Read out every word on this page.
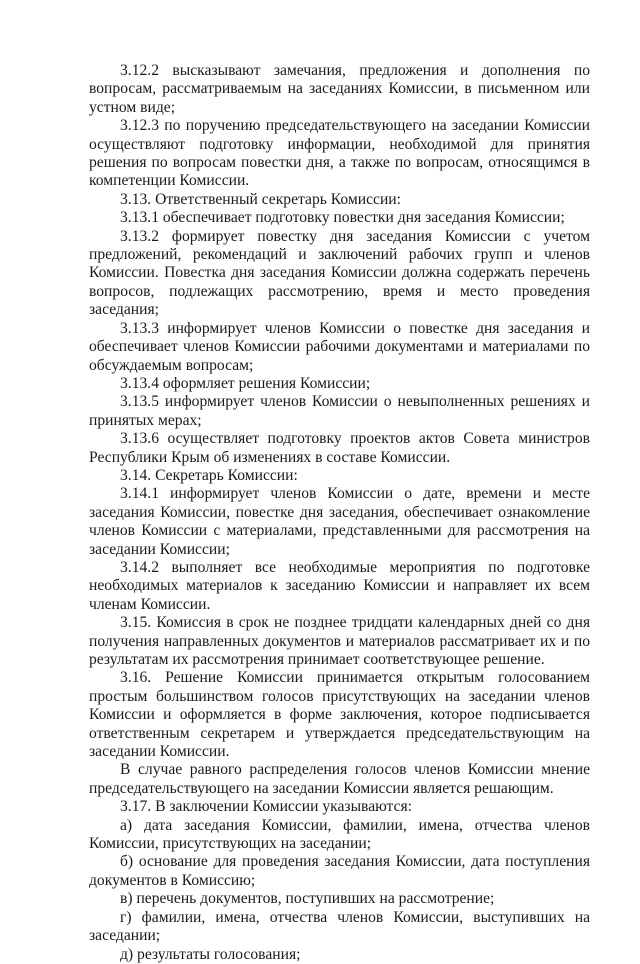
3.12.2 высказывают замечания, предложения и дополнения по вопросам, рассматриваемым на заседаниях Комиссии, в письменном или устном виде;

3.12.3 по поручению председательствующего на заседании Комиссии осуществляют подготовку информации, необходимой для принятия решения по вопросам повестки дня, а также по вопросам, относящимся в компетенции Комиссии.

3.13. Ответственный секретарь Комиссии:

3.13.1 обеспечивает подготовку повестки дня заседания Комиссии;

3.13.2 формирует повестку дня заседания Комиссии с учетом предложений, рекомендаций и заключений рабочих групп и членов Комиссии. Повестка дня заседания Комиссии должна содержать перечень вопросов, подлежащих рассмотрению, время и место проведения заседания;

3.13.3 информирует членов Комиссии о повестке дня заседания и обеспечивает членов Комиссии рабочими документами и материалами по обсуждаемым вопросам;

3.13.4 оформляет решения Комиссии;

3.13.5 информирует членов Комиссии о невыполненных решениях и принятых мерах;

3.13.6 осуществляет подготовку проектов актов Совета министров Республики Крым об изменениях в составе Комиссии.

3.14. Секретарь Комиссии:

3.14.1 информирует членов Комиссии о дате, времени и месте заседания Комиссии, повестке дня заседания, обеспечивает ознакомление членов Комиссии с материалами, представленными для рассмотрения на заседании Комиссии;

3.14.2 выполняет все необходимые мероприятия по подготовке необходимых материалов к заседанию Комиссии и направляет их всем членам Комиссии.

3.15. Комиссия в срок не позднее тридцати календарных дней со дня получения направленных документов и материалов рассматривает их и по результатам их рассмотрения принимает соответствующее решение.

3.16. Решение Комиссии принимается открытым голосованием простым большинством голосов присутствующих на заседании членов Комиссии и оформляется в форме заключения, которое подписывается ответственным секретарем и утверждается председательствующим на заседании Комиссии.

В случае равного распределения голосов членов Комиссии мнение председательствующего на заседании Комиссии является решающим.

3.17. В заключении Комиссии указываются:

а) дата заседания Комиссии, фамилии, имена, отчества членов Комиссии, присутствующих на заседании;

б) основание для проведения заседания Комиссии, дата поступления документов в Комиссию;

в) перечень документов, поступивших на рассмотрение;

г) фамилии, имена, отчества членов Комиссии, выступивших на заседании;

д) результаты голосования;
